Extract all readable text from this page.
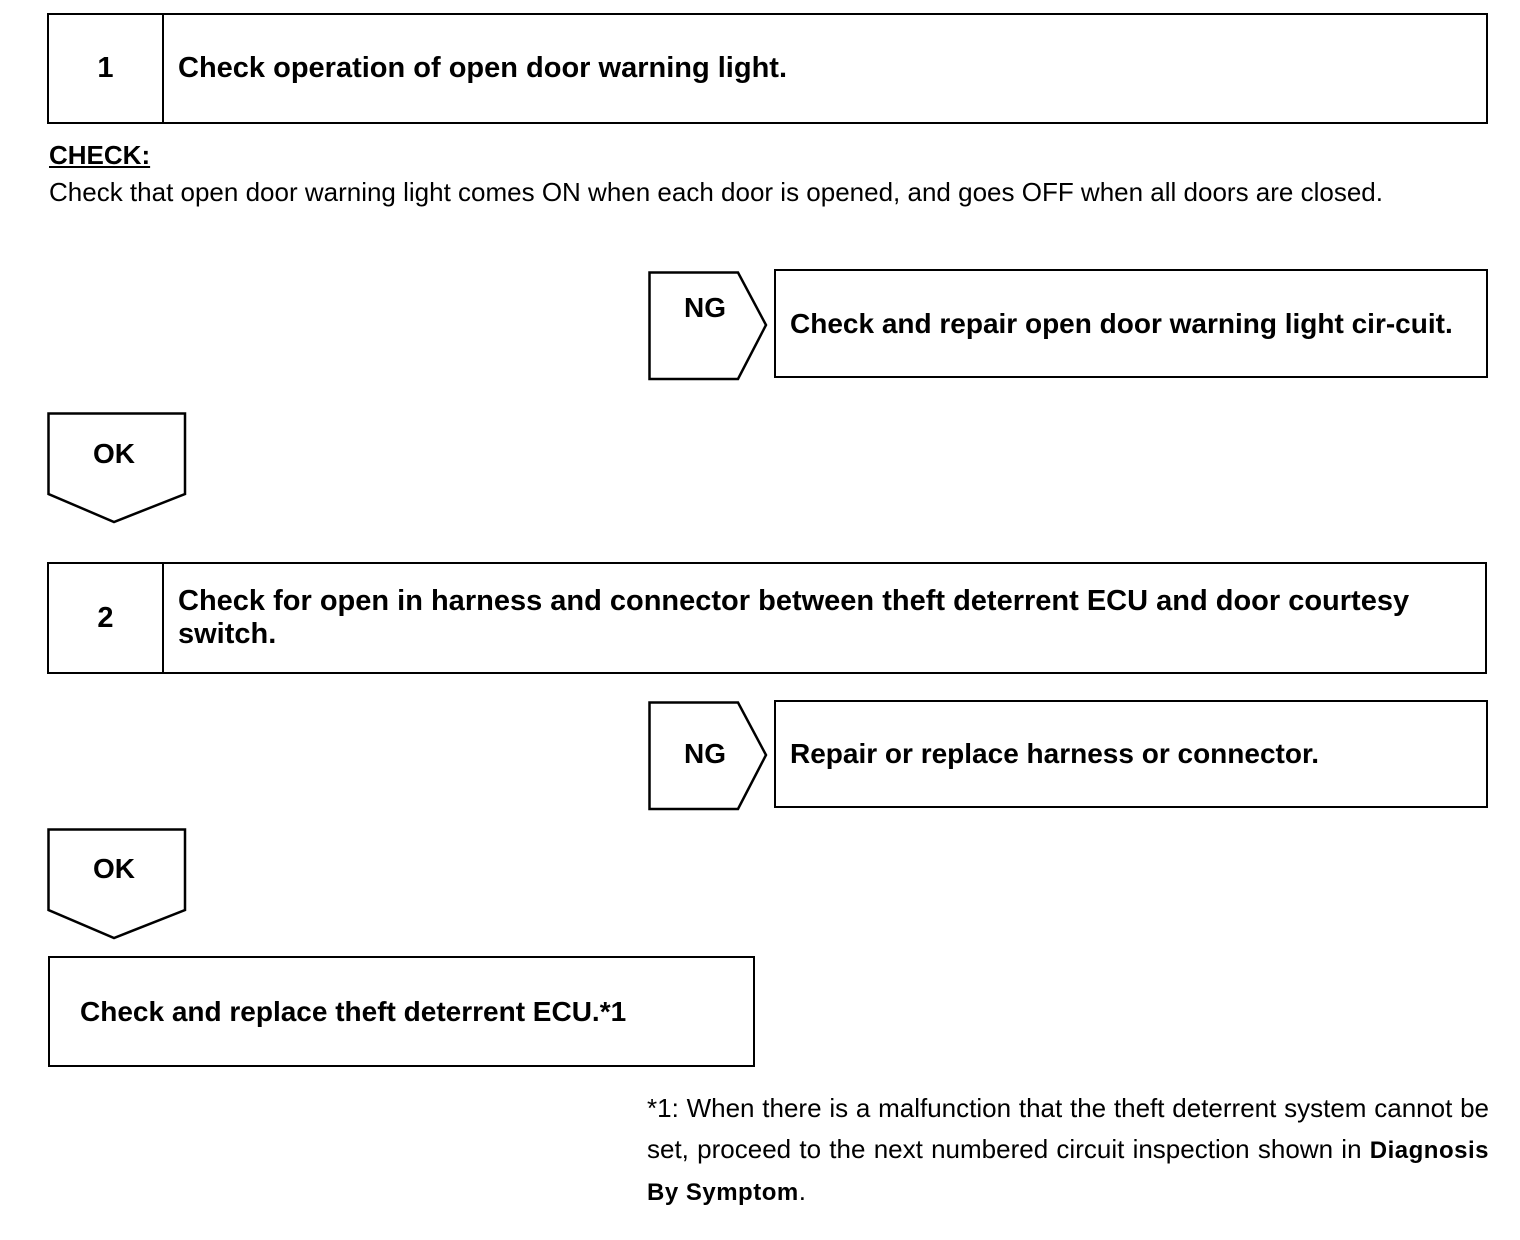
1	Check operation of open door warning light.
CHECK:
Check that open door warning light comes ON when each door is opened, and goes OFF when all doors are closed.
NG	Check and repair open door warning light cir-cuit.
OK
2
Check for open in harness and connector between theft deterrent ECU and door courtesy switch.
NG	Repair or replace harness or connector.
OK
Check and replace theft deterrent ECU.*1
*1: When there is a malfunction that the theft deterrent system cannot be set, proceed to the next numbered circuit inspection shown in Diagnosis By Symptom.
